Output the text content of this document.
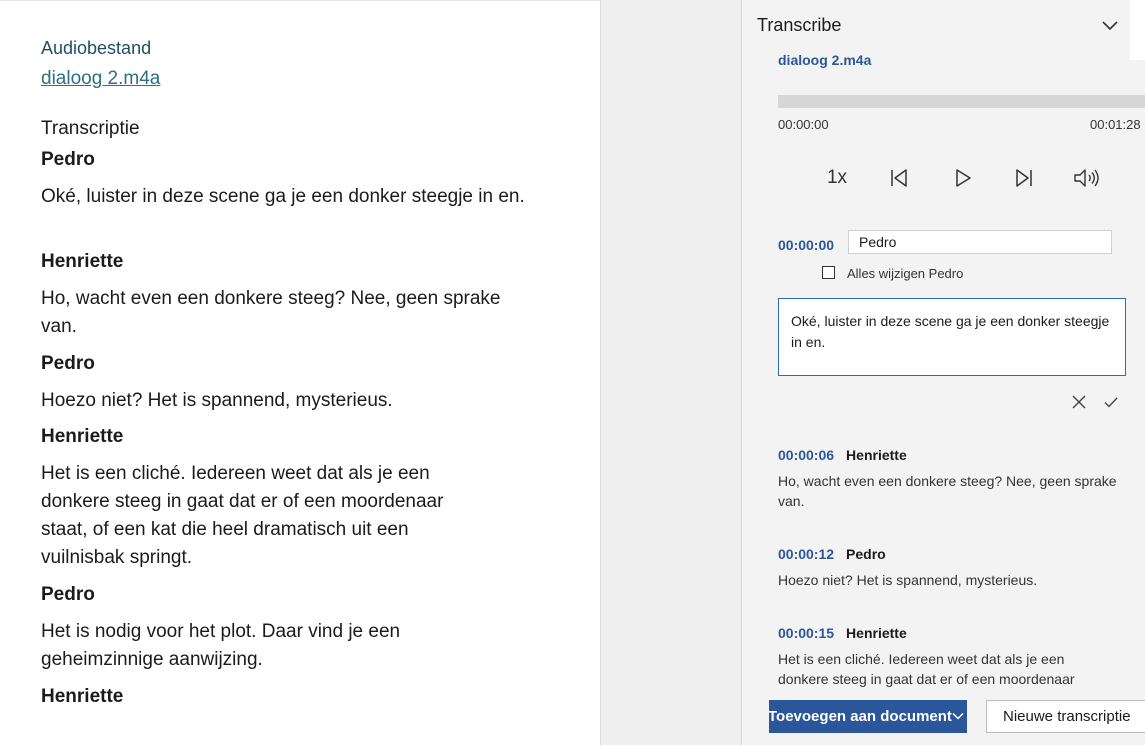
Audiobestand
dialoog 2.m4a
Transcriptie
Pedro
Oké, luister in deze scene ga je een donker steegje in en.
Henriette
Ho, wacht even een donkere steeg? Nee, geen sprake van.
Pedro
Hoezo niet? Het is spannend, mysterieus.
Henriette
Het is een cliché. Iedereen weet dat als je een donkere steeg in gaat dat er of een moordenaar staat, of een kat die heel dramatisch uit een vuilnisbak springt.
Pedro
Het is nodig voor het plot. Daar vind je een geheimzinnige aanwijzing.
Henriette
Transcribe
dialoog 2.m4a
00:00:00	00:01:28
1x
00:00:00
Pedro
Alles wijzigen Pedro
Oké, luister in deze scene ga je een donker steegje in en.
00:00:06 Henriette
Ho, wacht even een donkere steeg? Nee, geen sprake van.
00:00:12 Pedro
Hoezo niet? Het is spannend, mysterieus.
00:00:15 Henriette
Het is een cliché. Iedereen weet dat als je een donkere steeg in gaat dat er of een moordenaar
Toevoegen aan document	Nieuwe transcriptie
